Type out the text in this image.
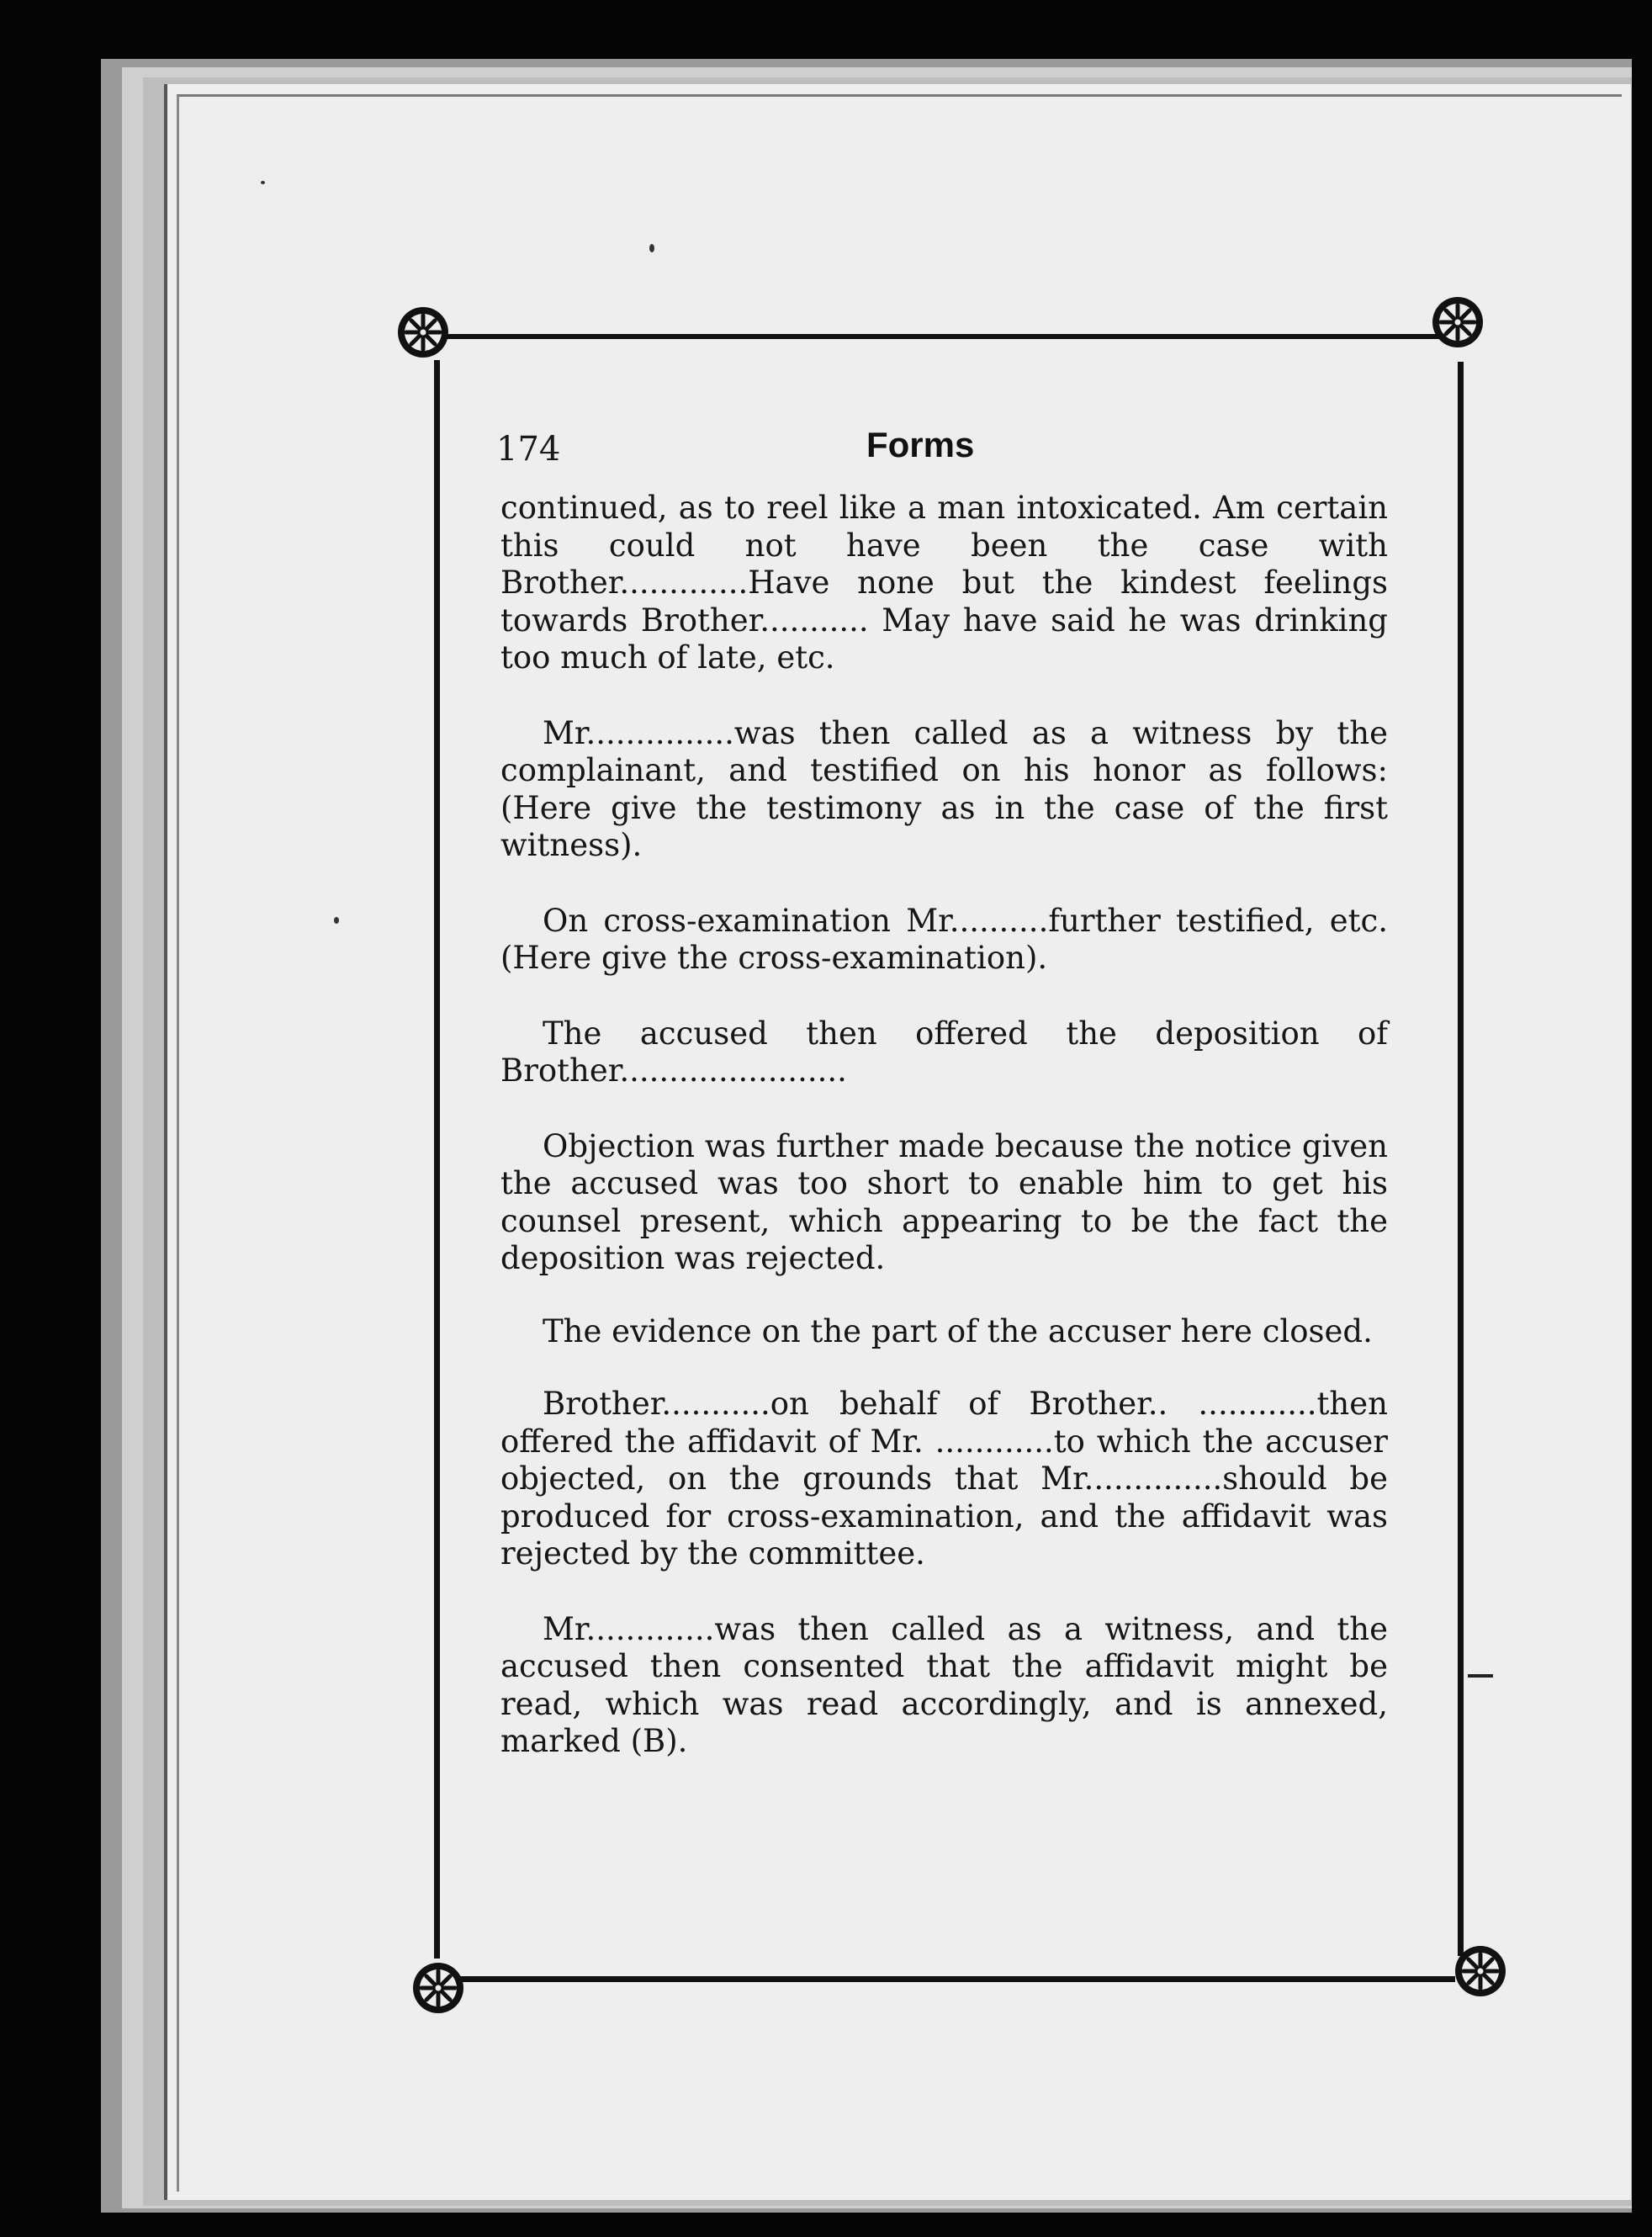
174	Forms

continued, as to reel like a man intoxicated. Am certain this could not have been the case with Brother.............Have none but the kindest feelings towards Brother........... May have said he was drinking too much of late, etc.

Mr...............was then called as a witness by the complainant, and testified on his honor as follows: (Here give the testimony as in the case of the first witness).

On cross-examination Mr..........further testified, etc. (Here give the cross-examination).

The accused then offered the deposition of Brother.......................

Objection was further made because the notice given the accused was too short to enable him to get his counsel present, which appearing to be the fact the deposition was rejected.

The evidence on the part of the accuser here closed.

Brother...........on behalf of Brother.. ............then offered the affidavit of Mr. ............to which the accuser objected, on the grounds that Mr..............should be produced for cross-examination, and the affidavit was rejected by the committee.

Mr.............was then called as a witness, and the accused then consented that the affidavit might be read, which was read accordingly, and is annexed, marked (B).
